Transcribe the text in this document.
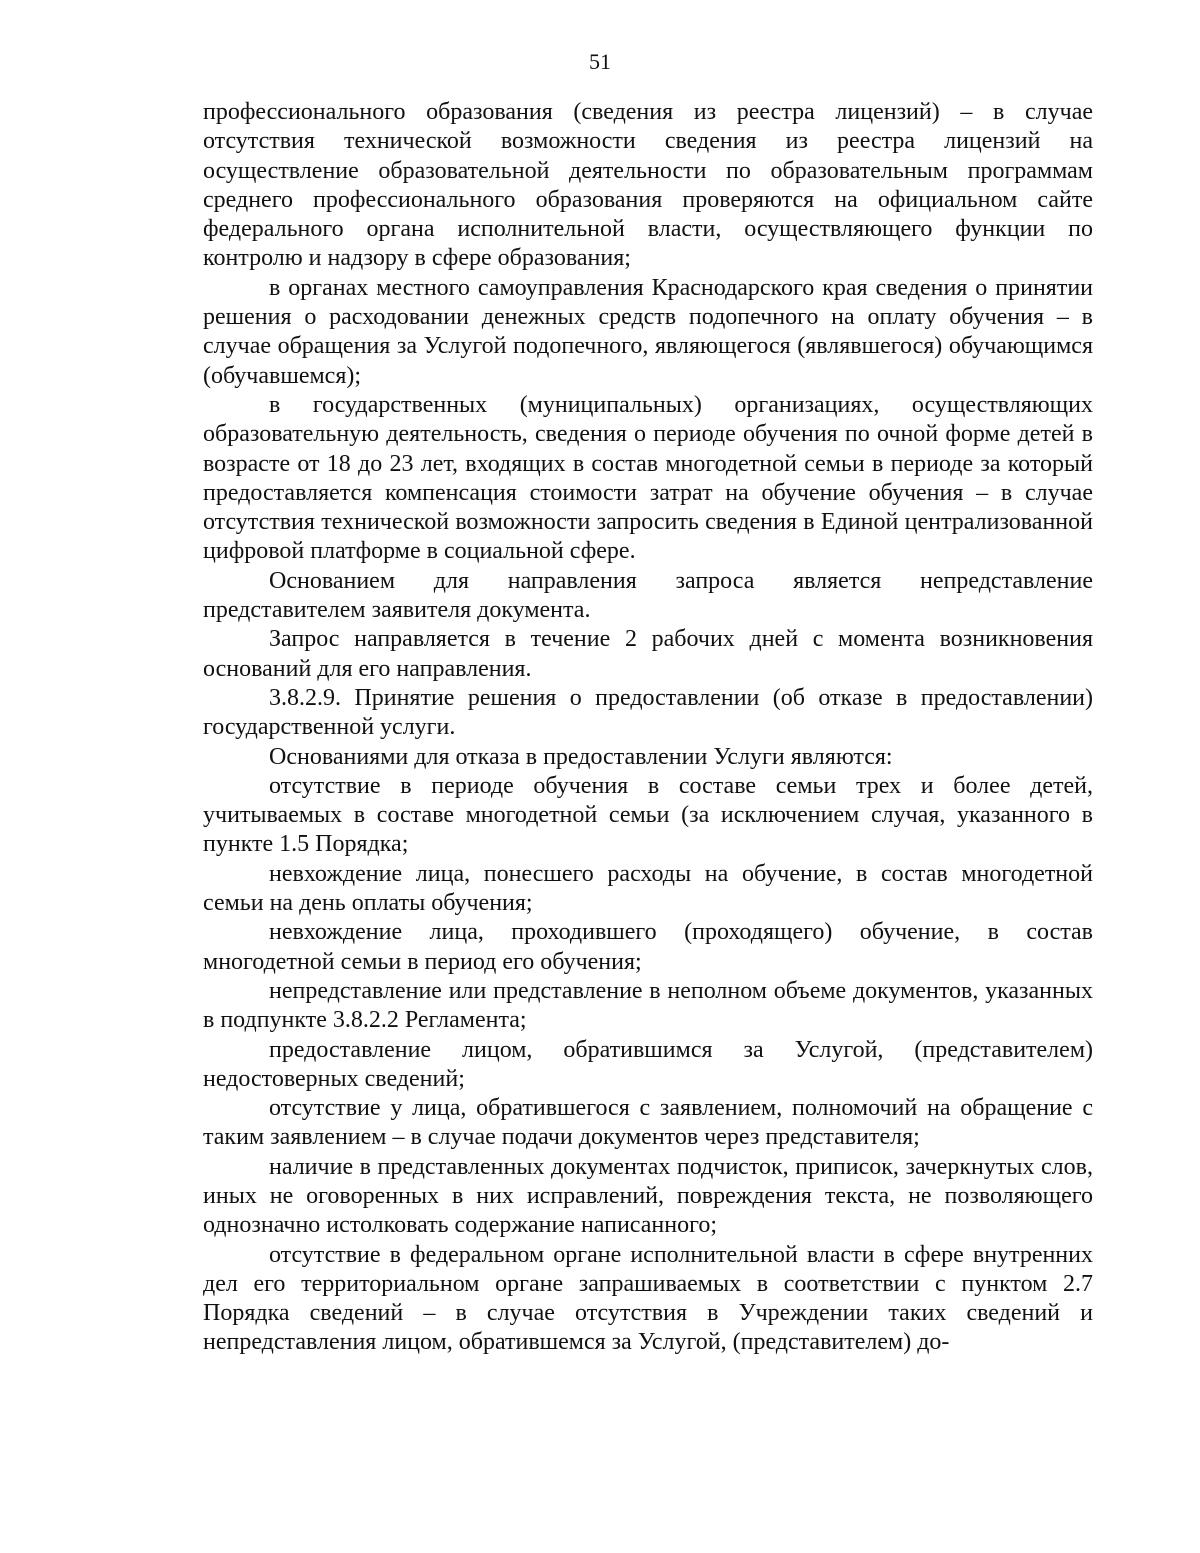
51

профессионального образования (сведения из реестра лицензий) – в случае отсутствия технической возможности сведения из реестра лицензий на осуществление образовательной деятельности по образовательным программам среднего профессионального образования проверяются на официальном сайте федерального органа исполнительной власти, осуществляющего функции по контролю и надзору в сфере образования;

в органах местного самоуправления Краснодарского края сведения о принятии решения о расходовании денежных средств подопечного на оплату обучения – в случае обращения за Услугой подопечного, являющегося (являвшегося) обучающимся (обучавшемся);

в государственных (муниципальных) организациях, осуществляющих образовательную деятельность, сведения о периоде обучения по очной форме детей в возрасте от 18 до 23 лет, входящих в состав многодетной семьи в периоде за который предоставляется компенсация стоимости затрат на обучение обучения – в случае отсутствия технической возможности запросить сведения в Единой централизованной цифровой платформе в социальной сфере.

Основанием для направления запроса является непредставление представителем заявителя документа.

Запрос направляется в течение 2 рабочих дней с момента возникновения оснований для его направления.

3.8.2.9. Принятие решения о предоставлении (об отказе в предоставлении) государственной услуги.

Основаниями для отказа в предоставлении Услуги являются:

отсутствие в периоде обучения в составе семьи трех и более детей, учитываемых в составе многодетной семьи (за исключением случая, указанного в пункте 1.5 Порядка;

невхождение лица, понесшего расходы на обучение, в состав многодетной семьи на день оплаты обучения;

невхождение лица, проходившего (проходящего) обучение, в состав многодетной семьи в период его обучения;

непредставление или представление в неполном объеме документов, указанных в подпункте 3.8.2.2 Регламента;

предоставление лицом, обратившимся за Услугой, (представителем) недостоверных сведений;

отсутствие у лица, обратившегося с заявлением, полномочий на обращение с таким заявлением – в случае подачи документов через представителя;

наличие в представленных документах подчисток, приписок, зачеркнутых слов, иных не оговоренных в них исправлений, повреждения текста, не позволяющего однозначно истолковать содержание написанного;

отсутствие в федеральном органе исполнительной власти в сфере внутренних дел его территориальном органе запрашиваемых в соответствии с пунктом 2.7 Порядка сведений – в случае отсутствия в Учреждении таких сведений и непредставления лицом, обратившемся за Услугой, (представителем) до-
